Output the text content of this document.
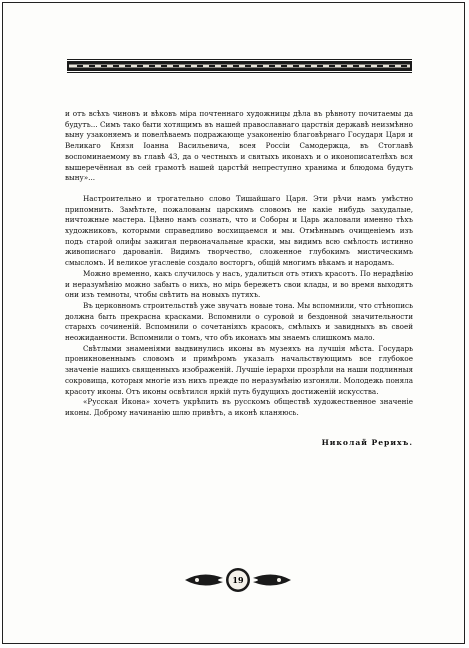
и отъ всѣхъ чиновъ и вѣковъ міра почтеннаго художницы дѣла въ рѣвноту почитаемы да будутъ... Симъ тако быти хотящимъ въ нашей православнаго царствія державѣ неизмѣнно выну узаконяемъ и повелѣваемъ подражающе узаконенію благовѣрнаго Государя Царя и Великаго Князя Іоанна Васильевича, всея Россіи Самодержца, въ Стоглавѣ воспоминаемому въ главѣ 43, да о честныхъ и святыхъ иконахъ и о иконописателѣхъ вся вышеречённая въ сей грамотѣ нашей царстѣй непреступно хранима и блюдома будутъ выну»...

Настроительно и трогательно слово Тишайшаго Царя. Эти рѣчи намъ умѣстно припомнить. Замѣтьте, пожалованы царскимъ словомъ не какіе нибудь захудалые, ничтожные мастера. Цѣнно намъ сознать, что и Соборы и Царь жаловали именно тѣхъ художниковъ, которыми справедливо восхищаемся и мы. Отмѣннымъ очищеніемъ изъ подъ старой олифы зажигая первоначальные краски, мы видимъ всю смѣлость истинно живописнаго дарованія. Видимъ творчество, сложенное глубокимъ мистическимъ смысломъ. И великое угаслевіе создало восторгъ, общій многимъ вѣкамъ и народамъ.

Можно временно, какъ случилось у насъ, удалиться отъ этихъ красотъ. По нерадѣнію и неразумѣнію можно забыть о нихъ, но мірь бережетъ свои клады, и во время выходятъ они изъ темноты, чтобы свѣтить на новыхъ путяхъ.

Въ церковномъ строительствѣ уже звучатъ новые тона. Мы вспомнили, что стѣнопись должна быть прекрасна красками. Вспомнили о суровой и бездонной значительности старыхъ сочиненій. Вспомнили о сочетаніяхъ красокъ, смѣлыхъ и завидныхъ въ своей неожиданности. Вспомнили о томъ, что объ иконахъ мы знаемъ слишкомъ мало.

Свѣтлыми знаменіями выдвинулись иконы въ музеяхъ на лучшія мѣста. Государь проникновеннымъ словомъ и примѣромъ указалъ начальствующимъ все глубокое значеніе нашихъ священныхъ изображеній. Лучшіе іерархи прозрѣли на наши подлинныя сокровища, которыя многіе изъ нихъ прежде по неразумѣнію изгоняли. Молодежь поняла красоту иконы. Отъ иконы освѣтился яркій путь будущихъ достиженій искусства.

«Русская Икона» хочетъ укрѣпить въ русскомъ обществѣ художественное значеніе иконы. Доброму начинанію шлю привѣтъ, а иконѣ кланяюсь.

Николай Рерихъ.
19
